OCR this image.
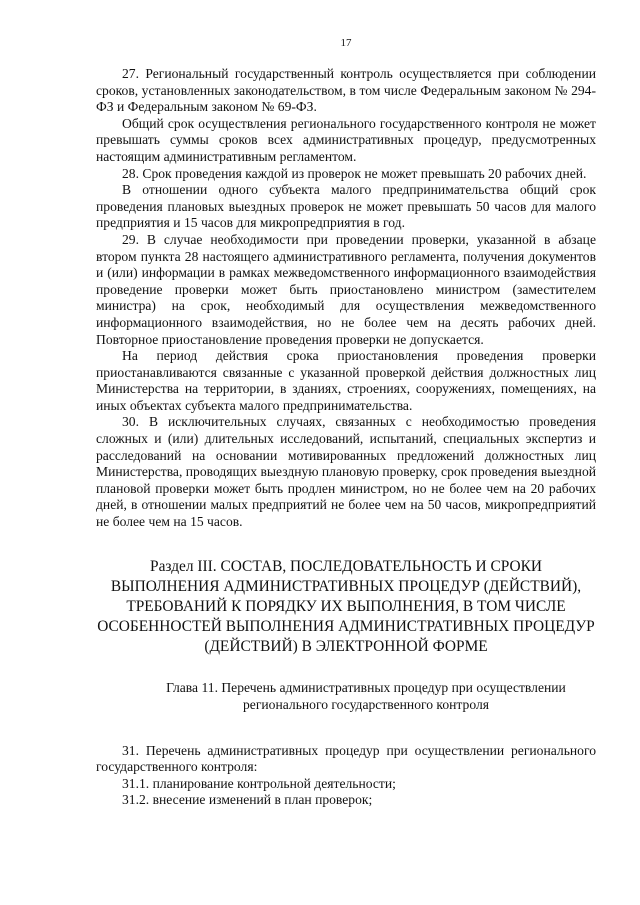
17

27. Региональный государственный контроль осуществляется при соблюдении сроков, установленных законодательством, в том числе Федеральным законом № 294-ФЗ и Федеральным законом № 69-ФЗ.

Общий срок осуществления регионального государственного контроля не может превышать суммы сроков всех административных процедур, предусмотренных настоящим административным регламентом.

28. Срок проведения каждой из проверок не может превышать 20 рабочих дней.

В отношении одного субъекта малого предпринимательства общий срок проведения плановых выездных проверок не может превышать 50 часов для малого предприятия и 15 часов для микропредприятия в год.

29. В случае необходимости при проведении проверки, указанной в абзаце втором пункта 28 настоящего административного регламента, получения документов и (или) информации в рамках межведомственного информационного взаимодействия проведение проверки может быть приостановлено министром (заместителем министра) на срок, необходимый для осуществления межведомственного информационного взаимодействия, но не более чем на десять рабочих дней. Повторное приостановление проведения проверки не допускается.

На период действия срока приостановления проведения проверки приостанавливаются связанные с указанной проверкой действия должностных лиц Министерства на территории, в зданиях, строениях, сооружениях, помещениях, на иных объектах субъекта малого предпринимательства.

30. В исключительных случаях, связанных с необходимостью проведения сложных и (или) длительных исследований, испытаний, специальных экспертиз и расследований на основании мотивированных предложений должностных лиц Министерства, проводящих выездную плановую проверку, срок проведения выездной плановой проверки может быть продлен министром, но не более чем на 20 рабочих дней, в отношении малых предприятий не более чем на 50 часов, микропредприятий не более чем на 15 часов.

Раздел III. СОСТАВ, ПОСЛЕДОВАТЕЛЬНОСТЬ И СРОКИ ВЫПОЛНЕНИЯ АДМИНИСТРАТИВНЫХ ПРОЦЕДУР (ДЕЙСТВИЙ), ТРЕБОВАНИЙ К ПОРЯДКУ ИХ ВЫПОЛНЕНИЯ, В ТОМ ЧИСЛЕ ОСОБЕННОСТЕЙ ВЫПОЛНЕНИЯ АДМИНИСТРАТИВНЫХ ПРОЦЕДУР (ДЕЙСТВИЙ) В ЭЛЕКТРОННОЙ ФОРМЕ
Глава 11. Перечень административных процедур при осуществлении регионального государственного контроля

31. Перечень административных процедур при осуществлении регионального государственного контроля:

31.1. планирование контрольной деятельности;

31.2. внесение изменений в план проверок;
